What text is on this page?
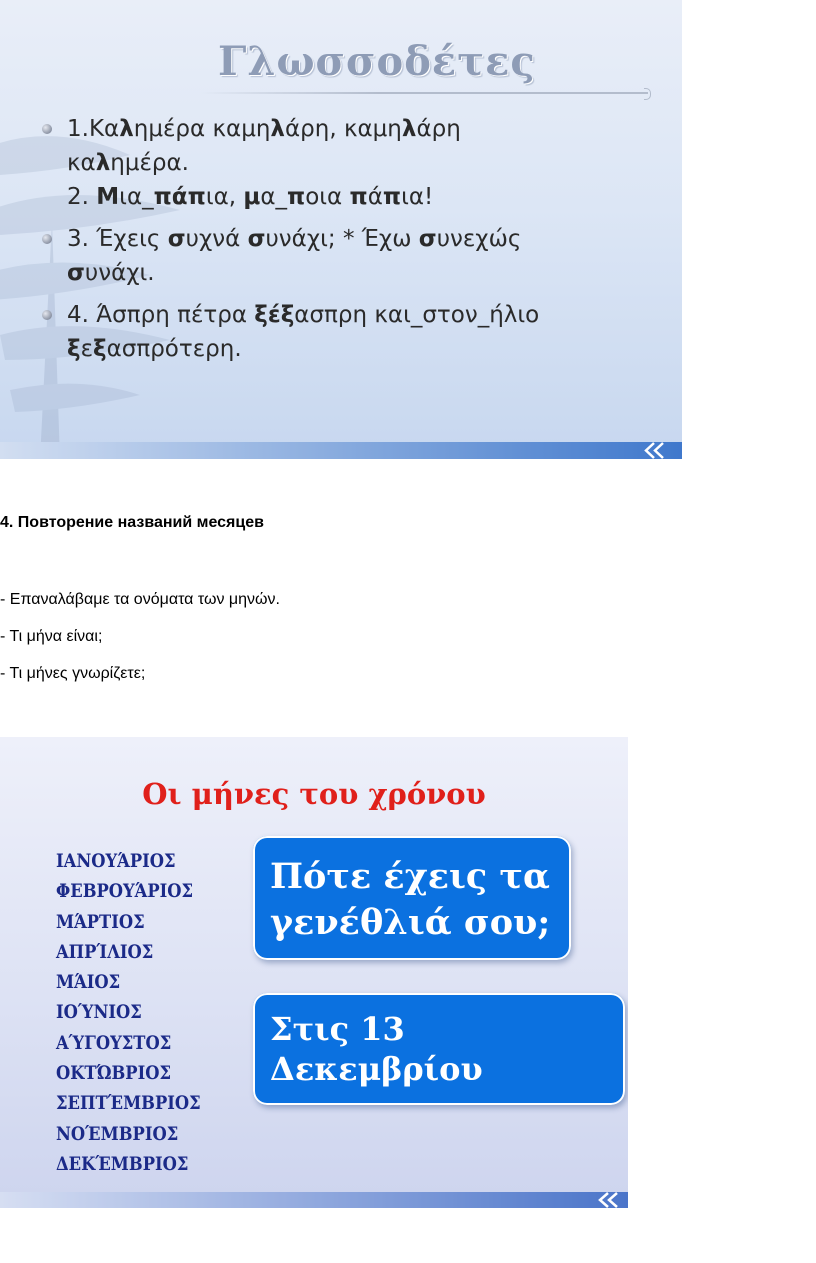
Γλωσσοδέτες
1.Καλημέρα καμηλάρη, καμηλάρη
καλημέρα.
2. Μια_πάπια, μα_ποια πάπια!
3. Έχεις συχνά συνάχι; * Έχω συνεχώς
συνάχι.
4. Άσπρη πέτρα ξέξασπρη και_στον_ήλιο
ξεξασπρότερη.
4. Повторение названий месяцев
- Επαναλάβαμε τα ονόματα των μηνών.
- Τι μήνα είναι;
- Τι μήνες γνωρίζετε;
Οι μήνες του χρόνου
ΙΑΝΟΥΆΡΙΟΣ
ΦΕΒΡΟΥΆΡΙΟΣ
ΜΆΡΤΙΟΣ
ΑΠΡΊΛΙΟΣ
ΜΆΙΟΣ
ΙΟΎΝΙΟΣ
ΑΎΓΟΥΣΤΟΣ
ΟΚΤΏΒΡΙΟΣ
ΣΕΠΤΈΜΒΡΙΟΣ
ΝΟΈΜΒΡΙΟΣ
ΔΕΚΈΜΒΡΙΟΣ
Πότε έχεις τα
γενέθλιά σου;
Στις 13
Δεκεμβρίου
